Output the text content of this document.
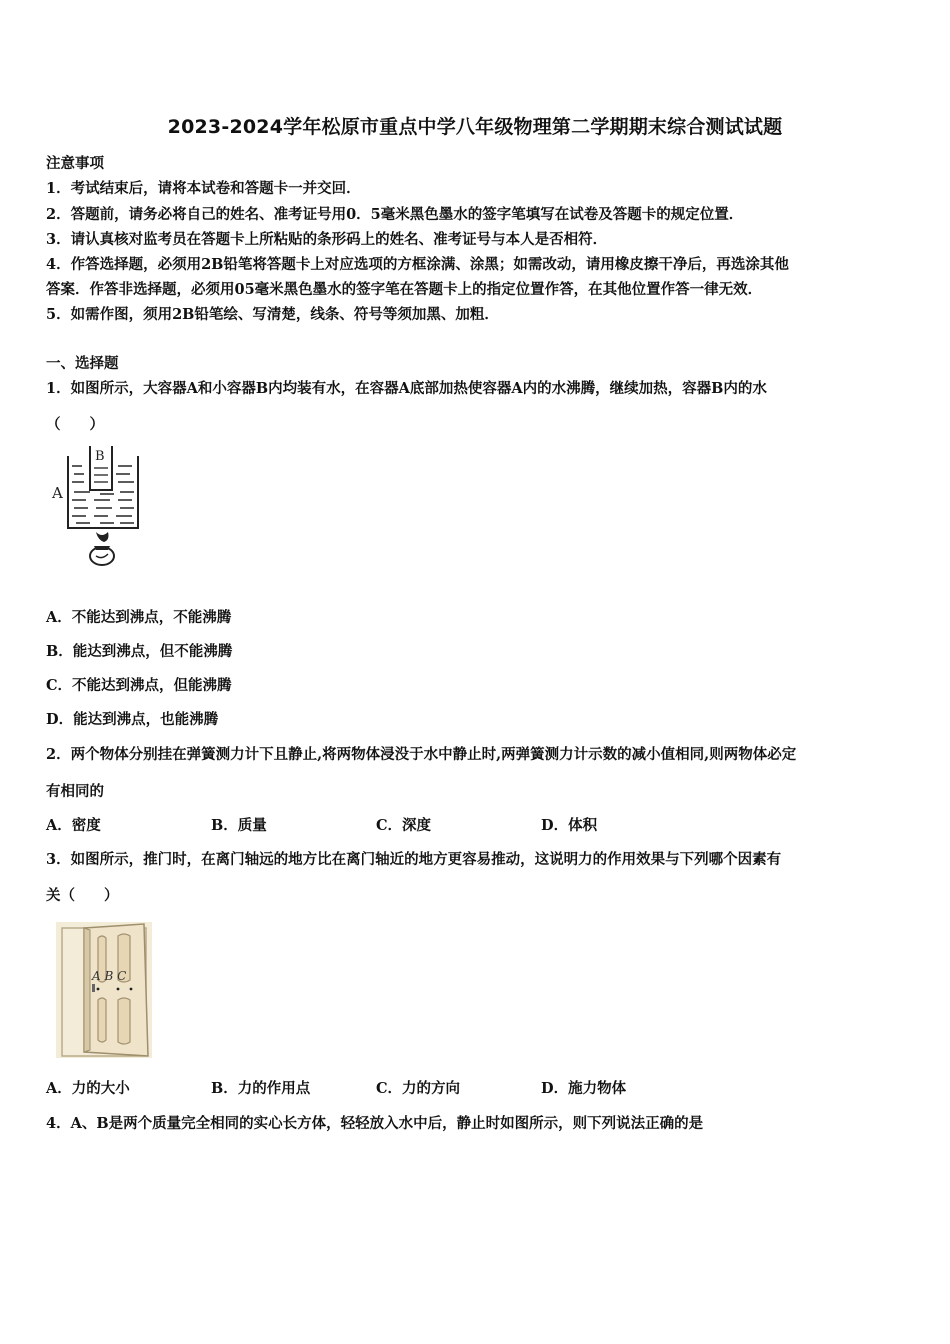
2023-2024学年松原市重点中学八年级物理第二学期期末综合测试试题
注意事项
1．考试结束后，请将本试卷和答题卡一并交回．
2．答题前，请务必将自己的姓名、准考证号用0．5毫米黑色墨水的签字笔填写在试卷及答题卡的规定位置．
3．请认真核对监考员在答题卡上所粘贴的条形码上的姓名、准考证号与本人是否相符．
4．作答选择题，必须用2B铅笔将答题卡上对应选项的方框涂满、涂黑；如需改动，请用橡皮擦干净后，再选涂其他
答案．作答非选择题，必须用05毫米黑色墨水的签字笔在答题卡上的指定位置作答，在其他位置作答一律无效．
5．如需作图，须用2B铅笔绘、写清楚，线条、符号等须加黑、加粗．
一、选择题
1．如图所示，大容器A和小容器B内均装有水，在容器A底部加热使容器A内的水沸腾，继续加热，容器B内的水
（　　）
A
B
A．不能达到沸点，不能沸腾
B．能达到沸点，但不能沸腾
C．不能达到沸点，但能沸腾
D．能达到沸点，也能沸腾
2．两个物体分别挂在弹簧测力计下且静止,将两物体浸没于水中静止时,两弹簧测力计示数的减小值相同,则两物体必定
有相同的
A．密度	B．质量	C．深度	D．体积
3．如图所示，推门时，在离门轴远的地方比在离门轴近的地方更容易推动，这说明力的作用效果与下列哪个因素有
关（　　）
A B C
A．力的大小	B．力的作用点	C．力的方向	D．施力物体
4．A、B是两个质量完全相同的实心长方体，轻轻放入水中后，静止时如图所示，则下列说法正确的是
